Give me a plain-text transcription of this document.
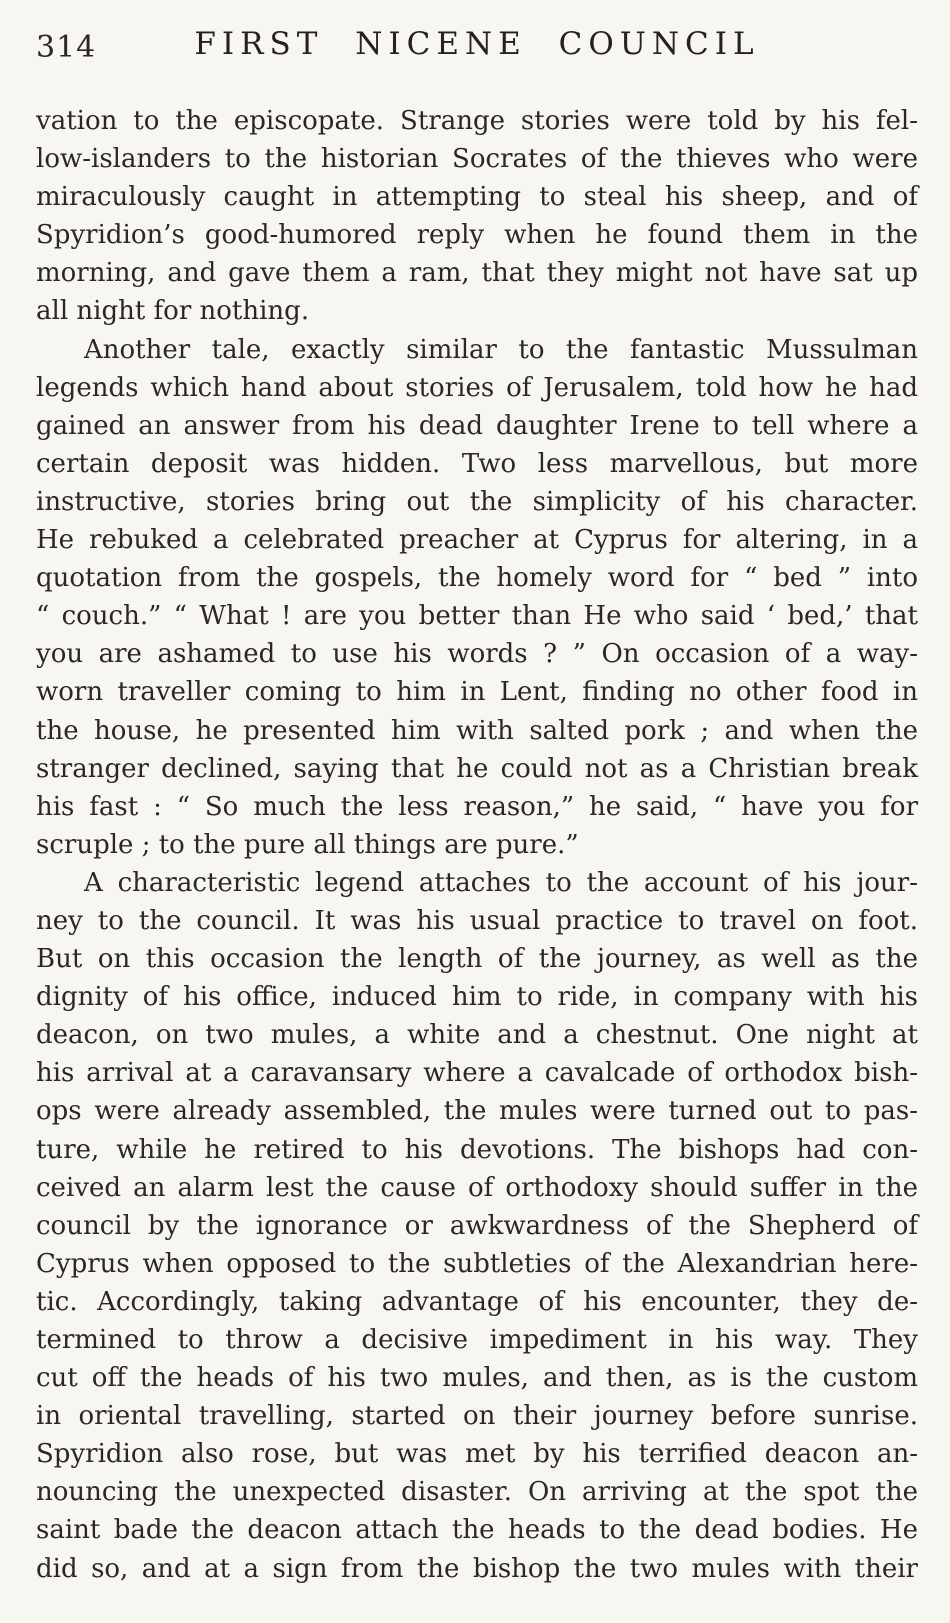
314	FIRST NICENE COUNCIL
vation to the episcopate. Strange stories were told by his fel-
low-islanders to the historian Socrates of the thieves who were
miraculously caught in attempting to steal his sheep, and of
Spyridion’s good-humored reply when he found them in the
morning, and gave them a ram, that they might not have sat up
all night for nothing.
Another tale, exactly similar to the fantastic Mussulman
legends which hand about stories of Jerusalem, told how he had
gained an answer from his dead daughter Irene to tell where a
certain deposit was hidden. Two less marvellous, but more
instructive, stories bring out the simplicity of his character.
He rebuked a celebrated preacher at Cyprus for altering, in a
quotation from the gospels, the homely word for “ bed ” into
“ couch.” “ What ! are you better than He who said ‘ bed,’ that
you are ashamed to use his words ? ” On occasion of a way-
worn traveller coming to him in Lent, finding no other food in
the house, he presented him with salted pork ; and when the
stranger declined, saying that he could not as a Christian break
his fast : “ So much the less reason,” he said, “ have you for
scruple ; to the pure all things are pure.”
A characteristic legend attaches to the account of his jour-
ney to the council. It was his usual practice to travel on foot.
But on this occasion the length of the journey, as well as the
dignity of his office, induced him to ride, in company with his
deacon, on two mules, a white and a chestnut. One night at
his arrival at a caravansary where a cavalcade of orthodox bish-
ops were already assembled, the mules were turned out to pas-
ture, while he retired to his devotions. The bishops had con-
ceived an alarm lest the cause of orthodoxy should suffer in the
council by the ignorance or awkwardness of the Shepherd of
Cyprus when opposed to the subtleties of the Alexandrian here-
tic. Accordingly, taking advantage of his encounter, they de-
termined to throw a decisive impediment in his way. They
cut off the heads of his two mules, and then, as is the custom
in oriental travelling, started on their journey before sunrise.
Spyridion also rose, but was met by his terrified deacon an-
nouncing the unexpected disaster. On arriving at the spot the
saint bade the deacon attach the heads to the dead bodies. He
did so, and at a sign from the bishop the two mules with their
